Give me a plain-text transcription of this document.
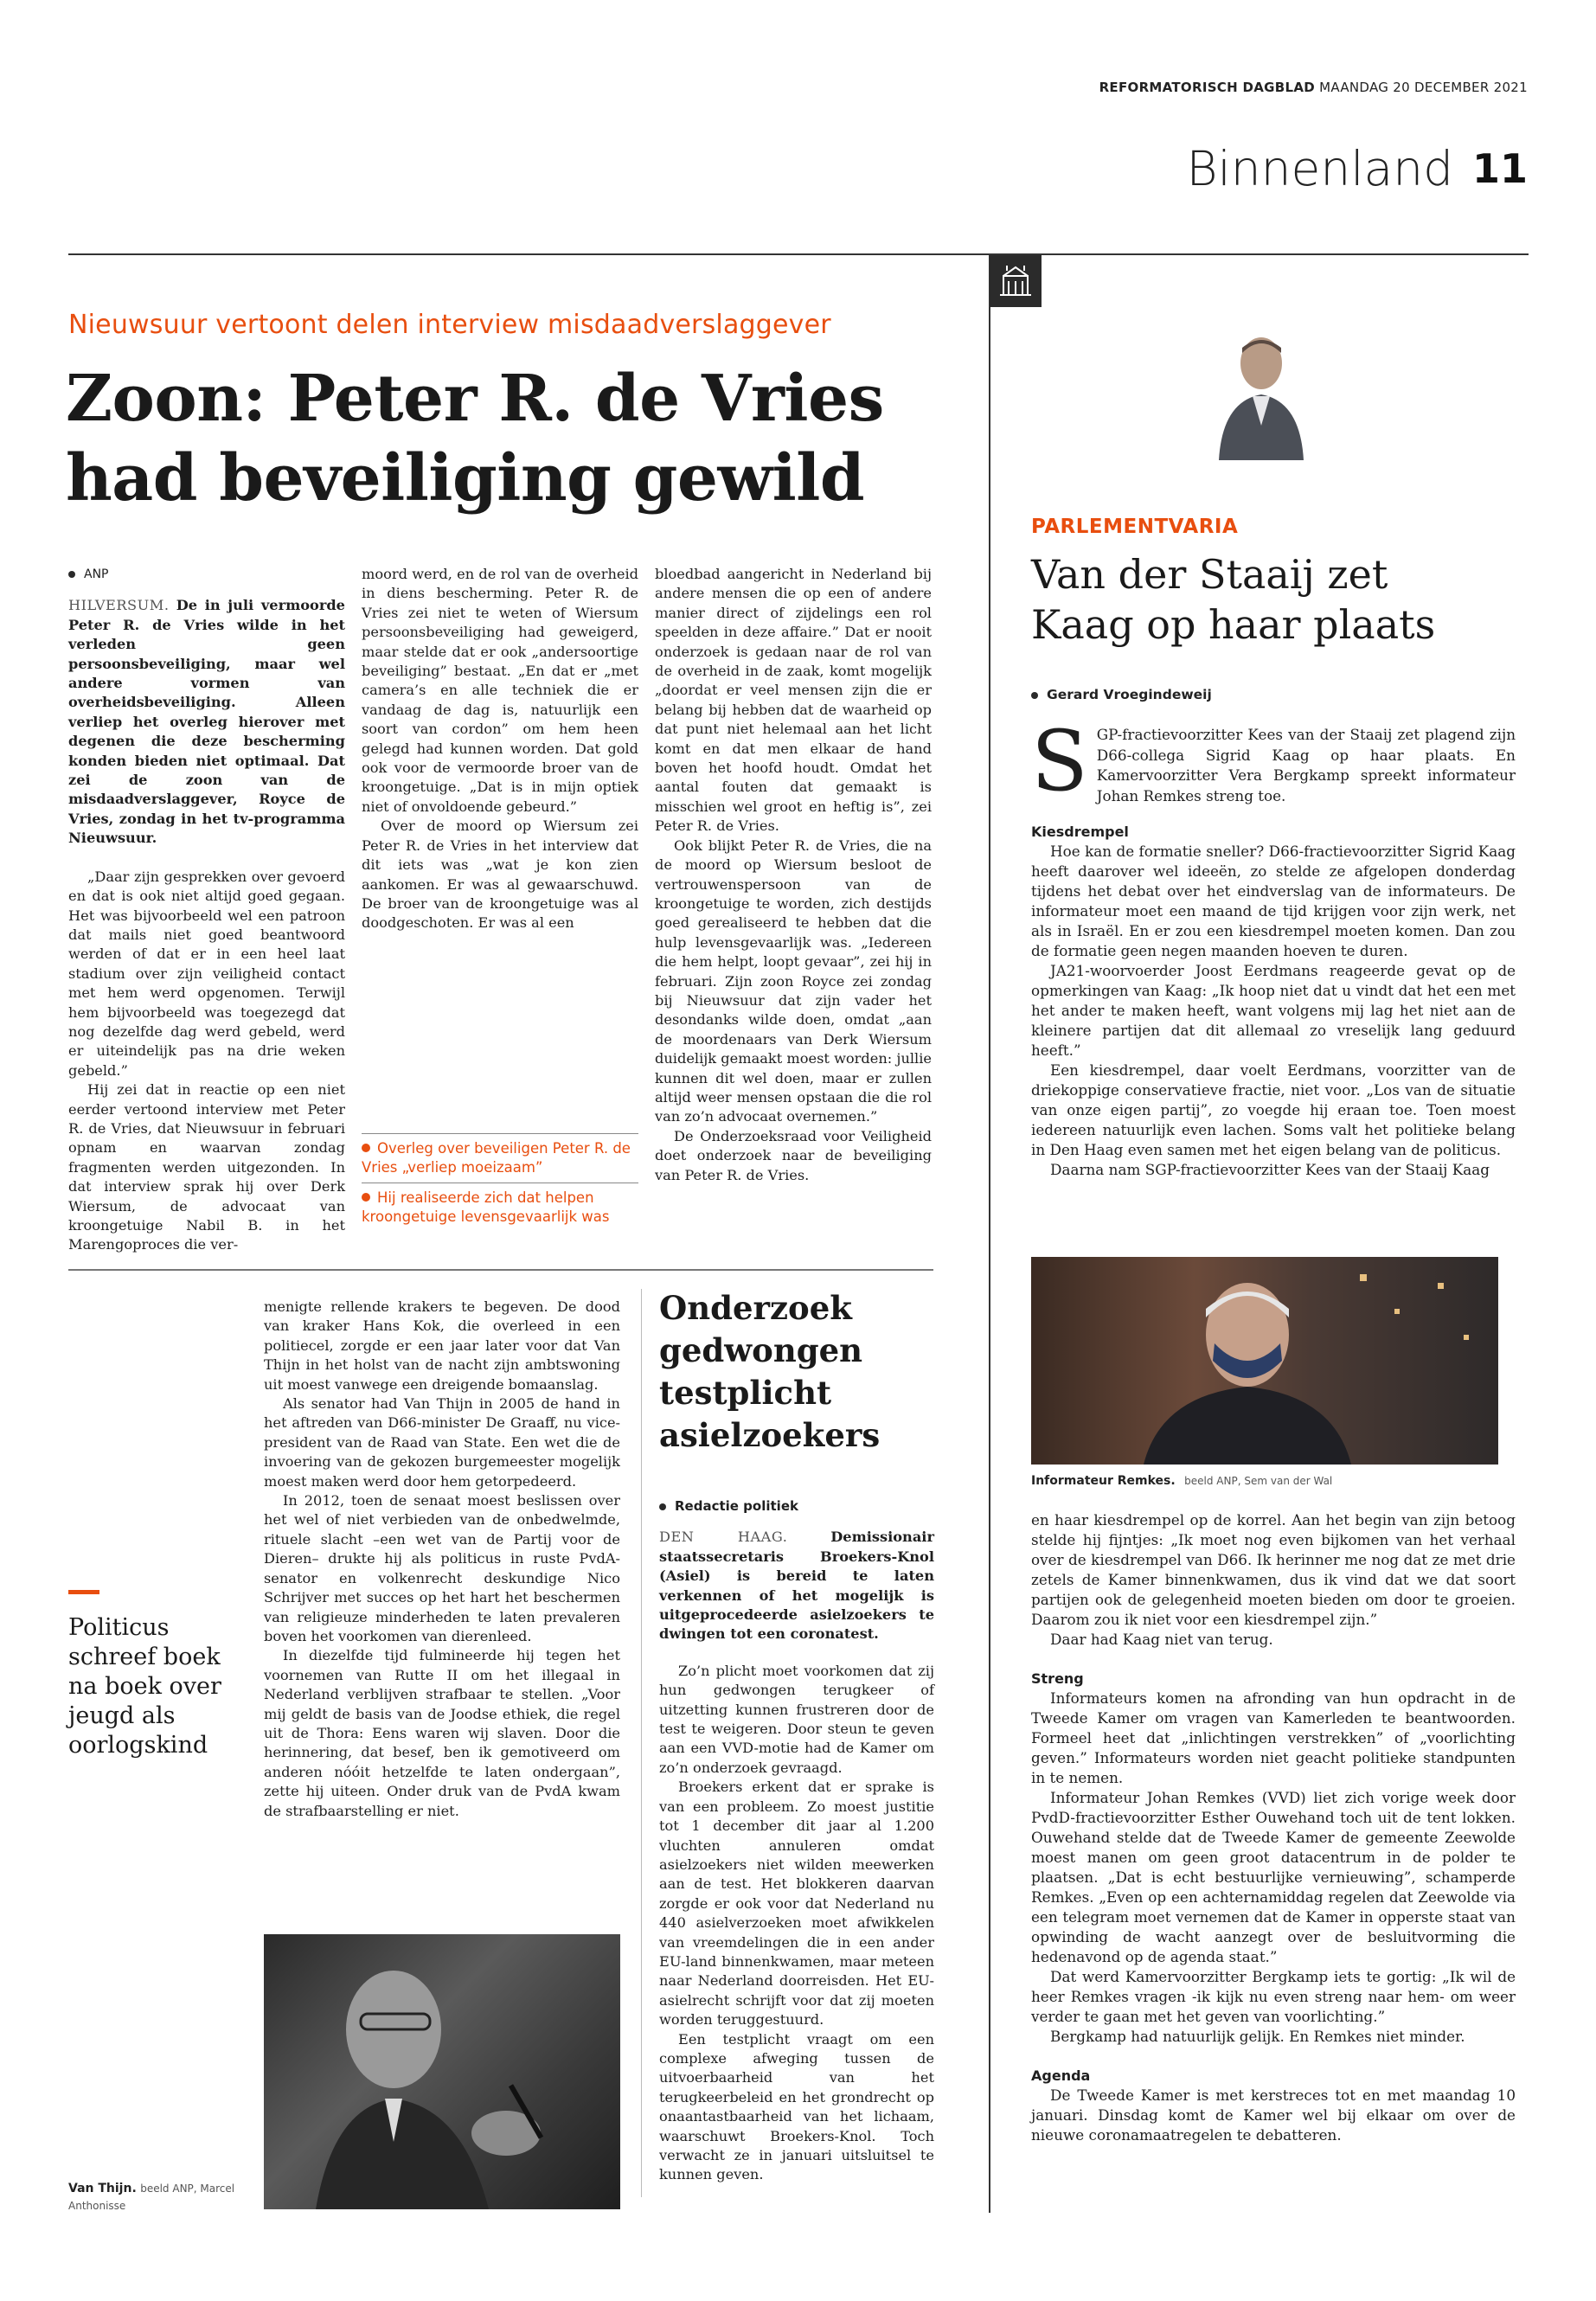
REFORMATORISCH DAGBLAD MAANDAG 20 DECEMBER 2021
Binnenland 11
Nieuwsuur vertoont delen interview misdaadverslaggever
Zoon: Peter R. de Vries
had beveiliging gewild

ANP

HILVERSUM. De in juli vermoorde Peter R. de Vries wilde in het verleden geen persoonsbeveiliging, maar wel andere vormen van overheidsbeveiliging. Alleen verliep het overleg hierover met degenen die deze bescherming konden bieden niet optimaal. Dat zei de zoon van de misdaadverslaggever, Royce de Vries, zondag in het tv-programma Nieuwsuur.

„Daar zijn gesprekken over gevoerd en dat is ook niet altijd goed gegaan. Het was bijvoorbeeld wel een patroon dat mails niet goed beantwoord werden of dat er in een heel laat stadium over zijn veiligheid contact met hem werd opgenomen. Terwijl hem bijvoorbeeld was toegezegd dat nog dezelfde dag werd gebeld, werd er uiteindelijk pas na drie weken gebeld.”

Hij zei dat in reactie op een niet eerder vertoond interview met Peter R. de Vries, dat Nieuwsuur in februari opnam en waarvan zondag fragmenten werden uitgezonden. In dat interview sprak hij over Derk Wiersum, de advocaat van kroongetuige Nabil B. in het Marengoproces die ver-

moord werd, en de rol van de overheid in diens bescherming. Peter R. de Vries zei niet te weten of Wiersum persoonsbeveiliging had geweigerd, maar stelde dat er ook „andersoortige beveiliging” bestaat. „En dat er „met camera’s en alle techniek die er vandaag de dag is, natuurlijk een soort van cordon” om hem heen gelegd had kunnen worden. Dat gold ook voor de vermoorde broer van de kroongetuige. „Dat is in mijn optiek niet of onvoldoende gebeurd.”

Over de moord op Wiersum zei Peter R. de Vries in het interview dat dit iets was „wat je kon zien aankomen. Er was al gewaarschuwd. De broer van de kroongetuige was al doodgeschoten. Er was al een

Overleg over beveiligen Peter R. de Vries „verliep moeizaam”
Hij realiseerde zich dat helpen kroongetuige levensgevaarlijk was

bloedbad aangericht in Nederland bij andere mensen die op een of andere manier direct of zijdelings een rol speelden in deze affaire.” Dat er nooit onderzoek is gedaan naar de rol van de overheid in de zaak, komt mogelijk „doordat er veel mensen zijn die er belang bij hebben dat de waarheid op dat punt niet helemaal aan het licht komt en dat men elkaar de hand boven het hoofd houdt. Omdat het aantal fouten dat gemaakt is misschien wel groot en heftig is”, zei Peter R. de Vries.

Ook blijkt Peter R. de Vries, die na de moord op Wiersum besloot de vertrouwenspersoon van de kroongetuige te worden, zich destijds goed gerealiseerd te hebben dat die hulp levensgevaarlijk was. „Iedereen die hem helpt, loopt gevaar”, zei hij in februari. Zijn zoon Royce zei zondag bij Nieuwsuur dat zijn vader het desondanks wilde doen, omdat „aan de moordenaars van Derk Wiersum duidelijk gemaakt moest worden: jullie kunnen dit wel doen, maar er zullen altijd weer mensen opstaan die die rol van zo’n advocaat overnemen.”

De Onderzoeksraad voor Veiligheid doet onderzoek naar de beveiliging van Peter R. de Vries.

Politicus schreef boek na boek over jeugd als oorlogskind

menigte rellende krakers te begeven. De dood van kraker Hans Kok, die overleed in een politiecel, zorgde er een jaar later voor dat Van Thijn in het holst van de nacht zijn ambtswoning uit moest vanwege een dreigende bomaanslag.

Als senator had Van Thijn in 2005 de hand in het aftreden van D66-minister De Graaff, nu vice-president van de Raad van State. Een wet die de invoering van de gekozen burgemeester mogelijk moest maken werd door hem getorpedeerd.

In 2012, toen de senaat moest beslissen over het wel of niet verbieden van de onbedwelmde, rituele slacht –een wet van de Partij voor de Dieren– drukte hij als politicus in ruste PvdA-senator en volkenrecht deskundige Nico Schrijver met succes op het hart het beschermen van religieuze minderheden te laten prevaleren boven het voorkomen van dierenleed.

In diezelfde tijd fulmineerde hij tegen het voornemen van Rutte II om het illegaal in Nederland verblijven strafbaar te stellen. „Voor mij geldt de basis van de Joodse ethiek, die regel uit de Thora: Eens waren wij slaven. Door die herinnering, dat besef, ben ik gemotiveerd om anderen nóóit hetzelfde te laten ondergaan”, zette hij uiteen. Onder druk van de PvdA kwam de strafbaarstelling er niet.

Van Thijn. beeld ANP, Marcel Anthonisse
Onderzoek gedwongen testplicht asielzoekers

Redactie politiek

DEN HAAG.	Demissionair staatssecretaris Broekers-Knol (Asiel) is bereid te laten verkennen of het mogelijk is uitgeprocedeerde asielzoekers te dwingen tot een coronatest.

Zo’n plicht moet voorkomen dat zij hun gedwongen terugkeer of uitzetting kunnen frustreren door de test te weigeren. Door steun te geven aan een VVD-motie had de Kamer om zo’n onderzoek gevraagd.

Broekers erkent dat er sprake is van een probleem. Zo moest justitie tot 1 december dit jaar al 1.200 vluchten annuleren omdat asielzoekers niet wilden meewerken aan de test. Het blokkeren daarvan zorgde er ook voor dat Nederland nu 440 asielverzoeken moet afwikkelen van vreemdelingen die in een ander EU-land binnenkwamen, maar meteen naar Nederland doorreisden. Het EU-asielrecht schrijft voor dat zij moeten worden teruggestuurd.

Een testplicht vraagt om een complexe afweging tussen de uitvoerbaarheid van het terugkeerbeleid en het grondrecht op onaantastbaarheid van het lichaam, waarschuwt Broekers-Knol. Toch verwacht ze in januari uitsluitsel te kunnen geven.

PARLEMENTVARIA
Van der Staaij zet
Kaag op haar plaats
Gerard Vroegindeweij

S GP-fractievoorzitter Kees van der Staaij zet plagend zijn D66-collega Sigrid Kaag op haar plaats. En Kamervoorzitter Vera Bergkamp spreekt informateur Johan Remkes streng toe.

Kiesdrempel

Hoe kan de formatie sneller? D66-fractievoorzitter Sigrid Kaag heeft daarover wel ideeën, zo stelde ze afgelopen donderdag tijdens het debat over het eindverslag van de informateurs. De informateur moet een maand de tijd krijgen voor zijn werk, net als in Israël. En er zou een kiesdrempel moeten komen. Dan zou de formatie geen negen maanden hoeven te duren.

JA21-woorvoerder Joost Eerdmans reageerde gevat op de opmerkingen van Kaag: „Ik hoop niet dat u vindt dat het een met het ander te maken heeft, want volgens mij lag het niet aan de kleinere partijen dat dit allemaal zo vreselijk lang geduurd heeft.”

Een kiesdrempel, daar voelt Eerdmans, voorzitter van de driekoppige conservatieve fractie, niet voor. „Los van de situatie van onze eigen partij”, zo voegde hij eraan toe. Toen moest iedereen natuurlijk even lachen. Soms valt het politieke belang in Den Haag even samen met het eigen belang van de politicus.

Daarna nam SGP-fractievoorzitter Kees van der Staaij Kaag

Informateur Remkes. beeld ANP, Sem van der Wal

en haar kiesdrempel op de korrel. Aan het begin van zijn betoog stelde hij fijntjes: „Ik moet nog even bijkomen van het verhaal over de kiesdrempel van D66. Ik herinner me nog dat ze met drie zetels de Kamer binnenkwamen, dus ik vind dat we dat soort partijen ook de gelegenheid moeten bieden om door te groeien. Daarom zou ik niet voor een kiesdrempel zijn.”

Daar had Kaag niet van terug.

Streng

Informateurs komen na afronding van hun opdracht in de Tweede Kamer om vragen van Kamerleden te beantwoorden. Formeel heet dat „inlichtingen verstrekken” of „voorlichting geven.” Informateurs worden niet geacht politieke standpunten in te nemen.

Informateur Johan Remkes (VVD) liet zich vorige week door PvdD-fractievoorzitter Esther Ouwehand toch uit de tent lokken. Ouwehand stelde dat de Tweede Kamer de gemeente Zeewolde moest manen om geen groot datacentrum in de polder te plaatsen. „Dat is echt bestuurlijke vernieuwing”, schamperde Remkes. „Even op een achternamiddag regelen dat Zeewolde via een telegram moet vernemen dat de Kamer in opperste staat van opwinding de wacht aanzegt over de besluitvorming die hedenavond op de agenda staat.”

Dat werd Kamervoorzitter Bergkamp iets te gortig: „Ik wil de heer Remkes vragen -ik kijk nu even streng naar hem- om weer verder te gaan met het geven van voorlichting.”

Bergkamp had natuurlijk gelijk. En Remkes niet minder.

Agenda

De Tweede Kamer is met kerstreces tot en met maandag 10 januari. Dinsdag komt de Kamer wel bij elkaar om over de nieuwe coronamaatregelen te debatteren.
